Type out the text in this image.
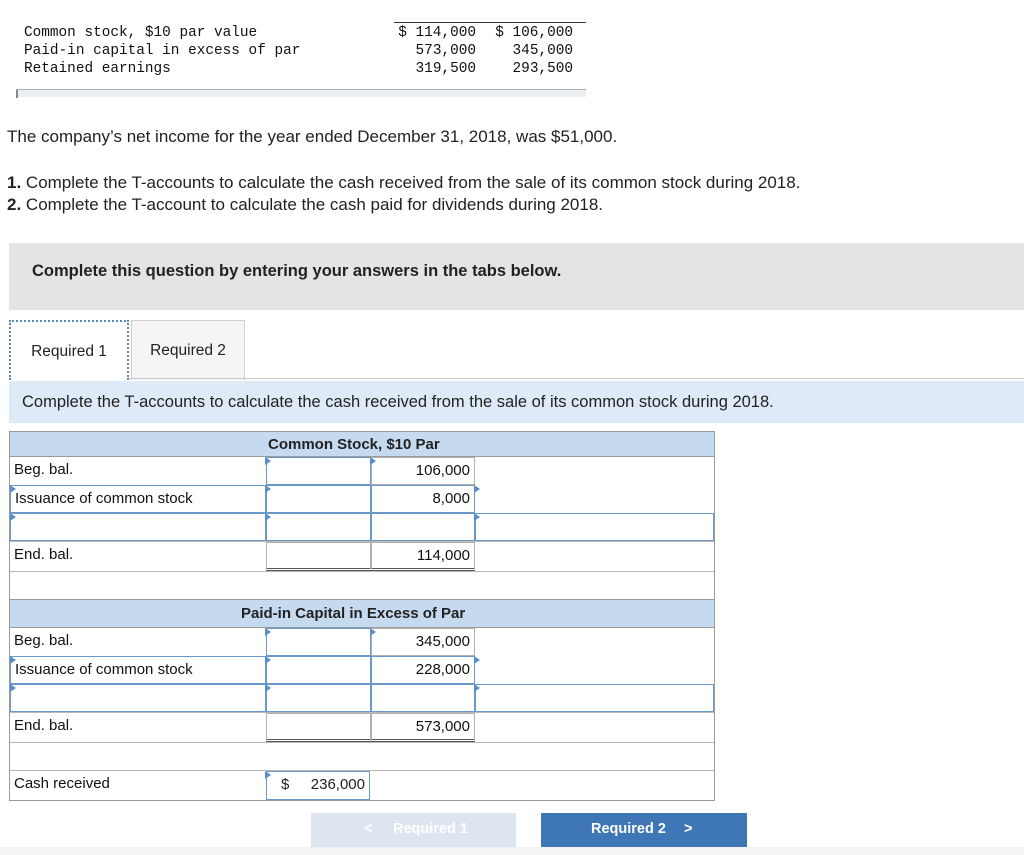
Common stock, $10 par value	$ 114,000 $ 106,000
Paid-in capital in excess of par	573,000	345,000
Retained earnings	319,500	293,500
The company’s net income for the year ended December 31, 2018, was $51,000.
1. Complete the T-accounts to calculate the cash received from the sale of its common stock during 2018.
2. Complete the T-account to calculate the cash paid for dividends during 2018.
Complete this question by entering your answers in the tabs below.
Required 1	Required 2
Complete the T-accounts to calculate the cash received from the sale of its common stock during 2018.
Common Stock, $10 Par
Beg. bal.	106,000
Issuance of common stock	8,000
End. bal.	114,000
Paid-in Capital in Excess of Par
Beg. bal.	345,000
Issuance of common stock	228,000
End. bal.	573,000
Cash received	$ 236,000
< Required 1	Required 2 >
